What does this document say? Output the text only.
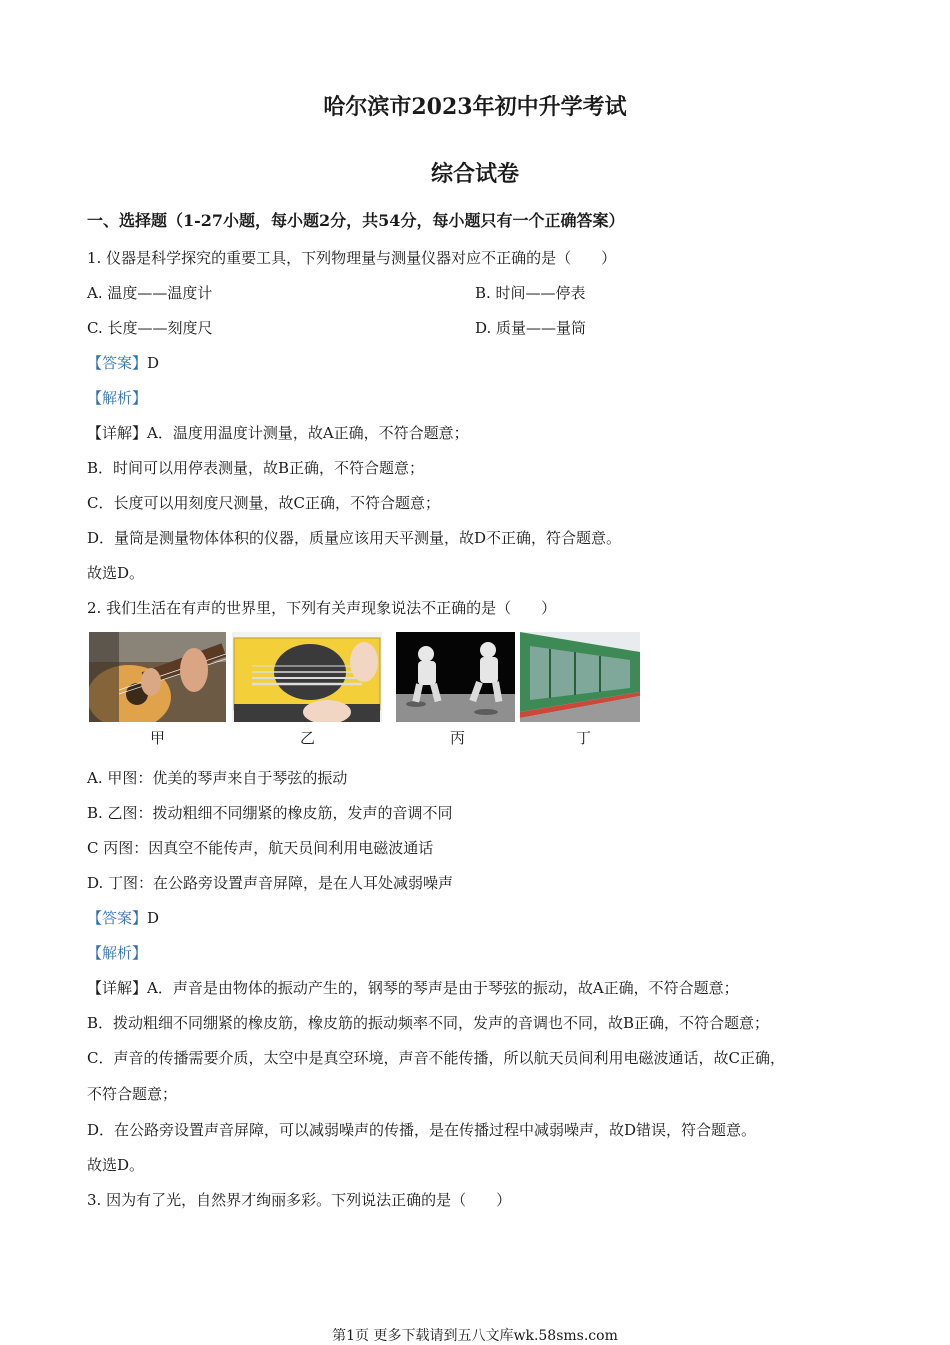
哈尔滨市2023年初中升学考试
综合试卷
一、选择题（1-27小题，每小题2分，共54分，每小题只有一个正确答案）
1. 仪器是科学探究的重要工具，下列物理量与测量仪器对应不正确的是（　　）
A. 温度——温度计	B. 时间——停表
C. 长度——刻度尺	D. 质量——量筒
【答案】D
【解析】
【详解】A．温度用温度计测量，故A正确，不符合题意；
B．时间可以用停表测量，故B正确，不符合题意；
C．长度可以用刻度尺测量，故C正确，不符合题意；
D．量筒是测量物体体积的仪器，质量应该用天平测量，故D不正确，符合题意。
故选D。
2. 我们生活在有声的世界里，下列有关声现象说法不正确的是（　　）
甲	乙	丙	丁
A. 甲图：优美的琴声来自于琴弦的振动
B. 乙图：拨动粗细不同绷紧的橡皮筋，发声的音调不同
C 丙图：因真空不能传声，航天员间利用电磁波通话
D. 丁图：在公路旁设置声音屏障，是在人耳处减弱噪声
【答案】D
【解析】
【详解】A．声音是由物体的振动产生的，钢琴的琴声是由于琴弦的振动，故A正确，不符合题意；
B．拨动粗细不同绷紧的橡皮筋，橡皮筋的振动频率不同，发声的音调也不同，故B正确，不符合题意；
C．声音的传播需要介质，太空中是真空环境，声音不能传播，所以航天员间利用电磁波通话，故C正确，
不符合题意；
D．在公路旁设置声音屏障，可以减弱噪声的传播，是在传播过程中减弱噪声，故D错误，符合题意。
故选D。
3. 因为有了光，自然界才绚丽多彩。下列说法正确的是（　　）
第1页 更多下载请到五八文库wk.58sms.com
